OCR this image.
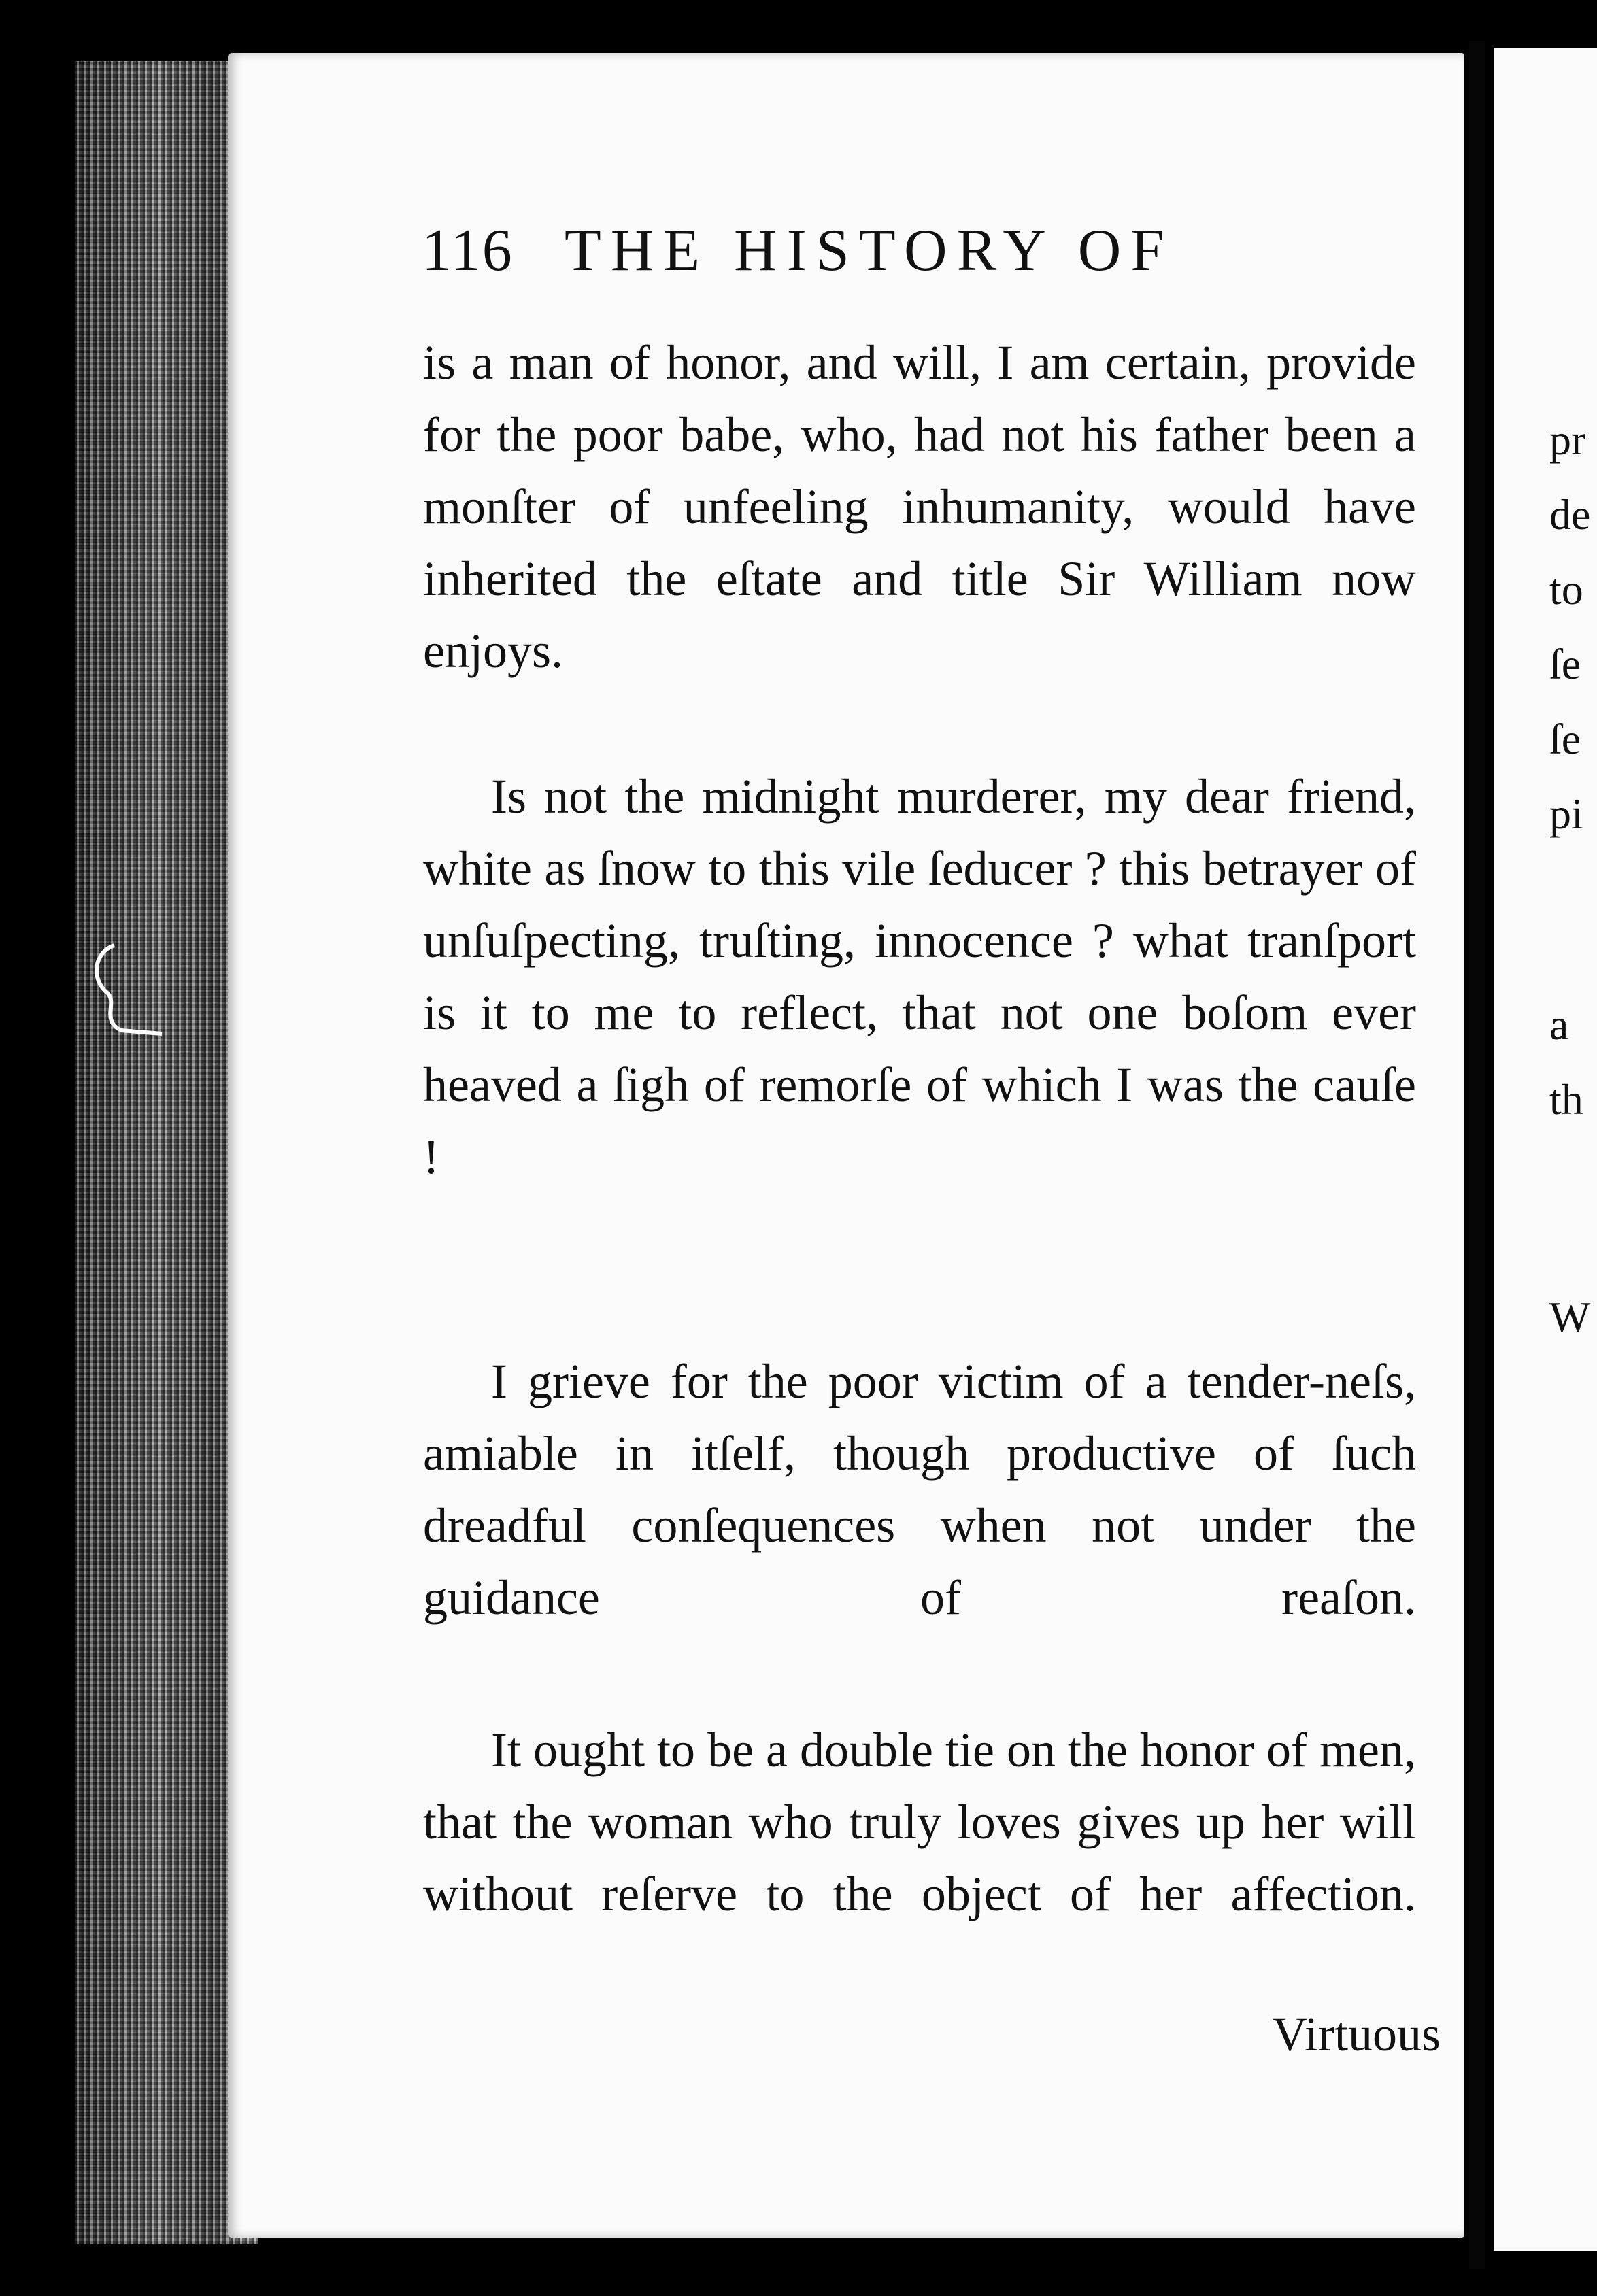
pr
de
to
ſe
ſe
pi
a
th
W
116 THE HISTORY OF

is a man of honor, and will, I am certain, provide for the poor babe, who, had not his father been a monſter of unfeeling inhumanity, would have inherited the eſtate and title Sir William now enjoys.

Is not the midnight murderer, my dear friend, white as ſnow to this vile ſeducer ? this betrayer of unſuſpecting, truſting, innocence ? what tranſport is it to me to reflect, that not one boſom ever heaved a ſigh of remorſe of which I was the cauſe !

I grieve for the poor victim of a tender-neſs, amiable in itſelf, though productive of ſuch dreadful conſequences when not under the guidance of reaſon.

It ought to be a double tie on the honor of men, that the woman who truly loves gives up her will without reſerve to the object of her affection.

Virtuous
